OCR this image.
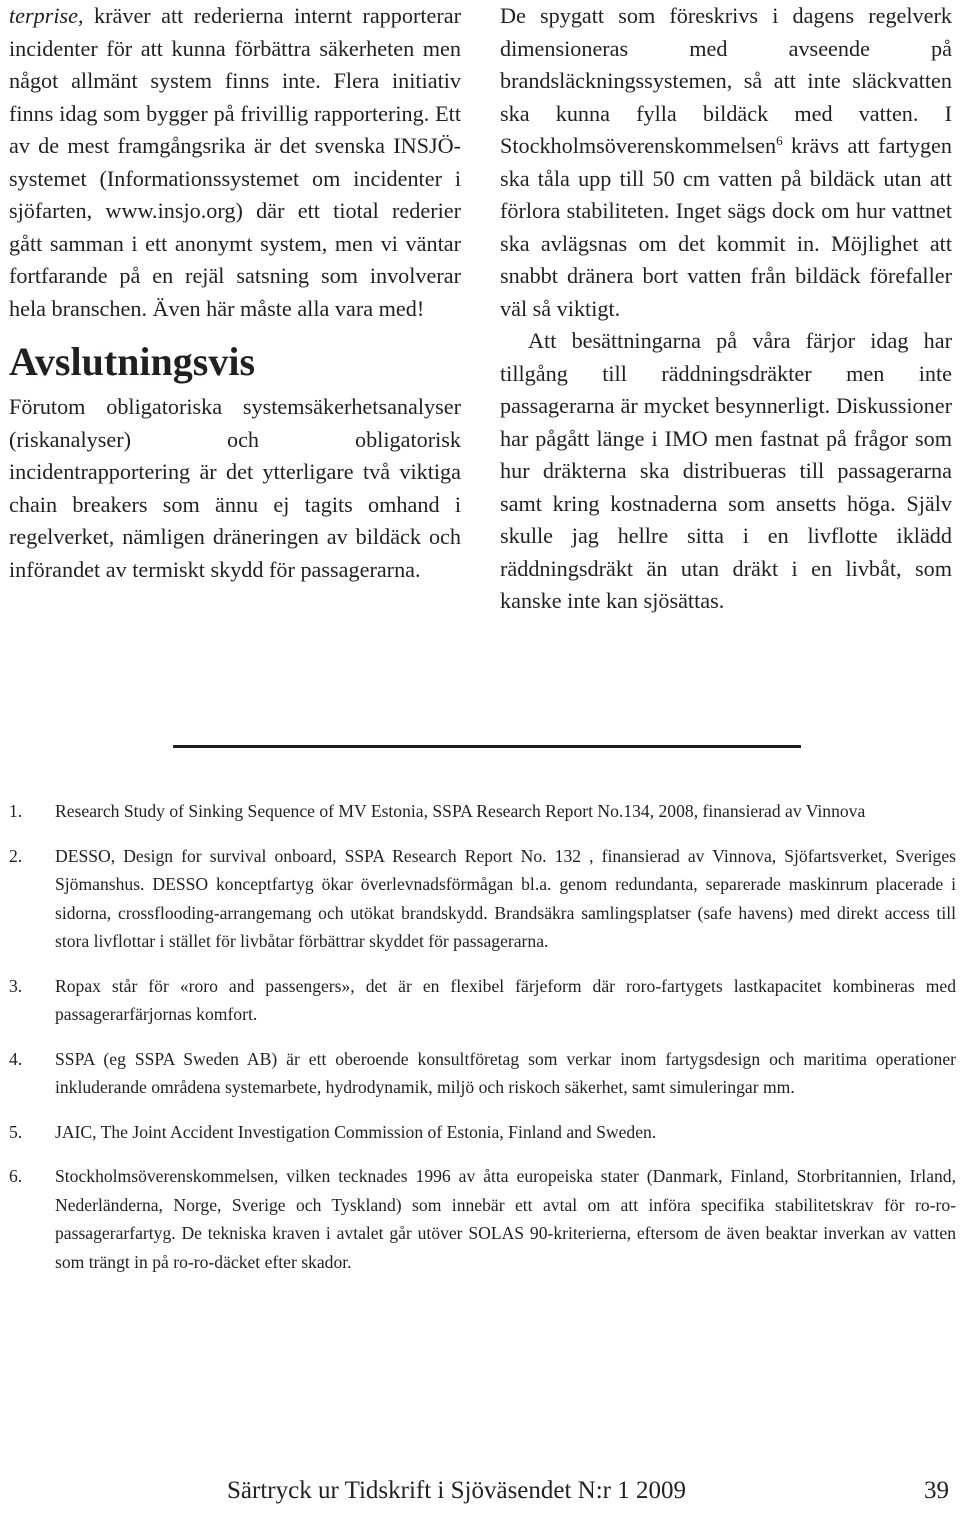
terprise, kräver att rederierna internt rapporterar incidenter för att kunna förbättra säkerheten men något allmänt system finns inte. Flera initiativ finns idag som bygger på frivillig rapportering. Ett av de mest framgångsrika är det svenska INSJÖ-systemet (Informationssystemet om incidenter i sjöfarten, www.insjo.org) där ett tiotal rederier gått samman i ett anonymt system, men vi väntar fortfarande på en rejäl satsning som involverar hela branschen. Även här måste alla vara med!

Avslutningsvis

Förutom obligatoriska systemsäkerhetsanalyser (riskanalyser) och obligatorisk incidentrapportering är det ytterligare två viktiga chain breakers som ännu ej tagits omhand i regelverket, nämligen dräneringen av bildäck och införandet av termiskt skydd för passagerarna.

De spygatt som föreskrivs i dagens regelverk dimensioneras med avseende på brandsläckningssystemen, så att inte släckvatten ska kunna fylla bildäck med vatten. I Stockholmsöverenskommelsen$^6$ krävs att fartygen ska tåla upp till 50 cm vatten på bildäck utan att förlora stabiliteten. Inget sägs dock om hur vattnet ska avlägsnas om det kommit in. Möjlighet att snabbt dränera bort vatten från bildäck förefaller väl så viktigt.

Att besättningarna på våra färjor idag har tillgång till räddningsdräkter men inte passagerarna är mycket besynnerligt. Diskussioner har pågått länge i IMO men fastnat på frågor som hur dräkterna ska distribueras till passagerarna samt kring kostnaderna som ansetts höga. Själv skulle jag hellre sitta i en livflotte iklädd räddningsdräkt än utan dräkt i en livbåt, som kanske inte kan sjösättas.

1. Research Study of Sinking Sequence of MV Estonia, SSPA Research Report No.134, 2008, finansierad av Vinnova
2. DESSO, Design for survival onboard, SSPA Research Report No. 132 , finansierad av Vinnova, Sjöfartsverket, Sveriges Sjömanshus. DESSO konceptfartyg ökar överlevnadsförmågan bl.a. genom redundanta, separerade maskinrum placerade i sidorna, crossflooding-arrangemang och utökat brandskydd. Brandsäkra samlingsplatser (safe havens) med direkt access till stora livflottar i stället för livbåtar förbättrar skyddet för passagerarna.
3. Ropax står för «roro and passengers», det är en flexibel färjeform där roro-fartygets lastkapacitet kombineras med passagerarfärjornas komfort.
4. SSPA (eg SSPA Sweden AB) är ett oberoende konsultföretag som verkar inom fartygsdesign och maritima operationer inkluderande områdena systemarbete, hydrodynamik, miljö och riskoch säkerhet, samt simuleringar mm.
5. JAIC, The Joint Accident Investigation Commission of Estonia, Finland and Sweden.
6. Stockholmsöverenskommelsen, vilken tecknades 1996 av åtta europeiska stater (Danmark, Finland, Storbritannien, Irland, Nederländerna, Norge, Sverige och Tyskland) som innebär ett avtal om att införa specifika stabilitetskrav för ro-ro-passagerarfartyg. De tekniska kraven i avtalet går utöver SOLAS 90-kriterierna, eftersom de även beaktar inverkan av vatten som trängt in på ro-ro-däcket efter skador.
Särtryck ur Tidskrift i Sjöväsendet N:r 1 2009	39
